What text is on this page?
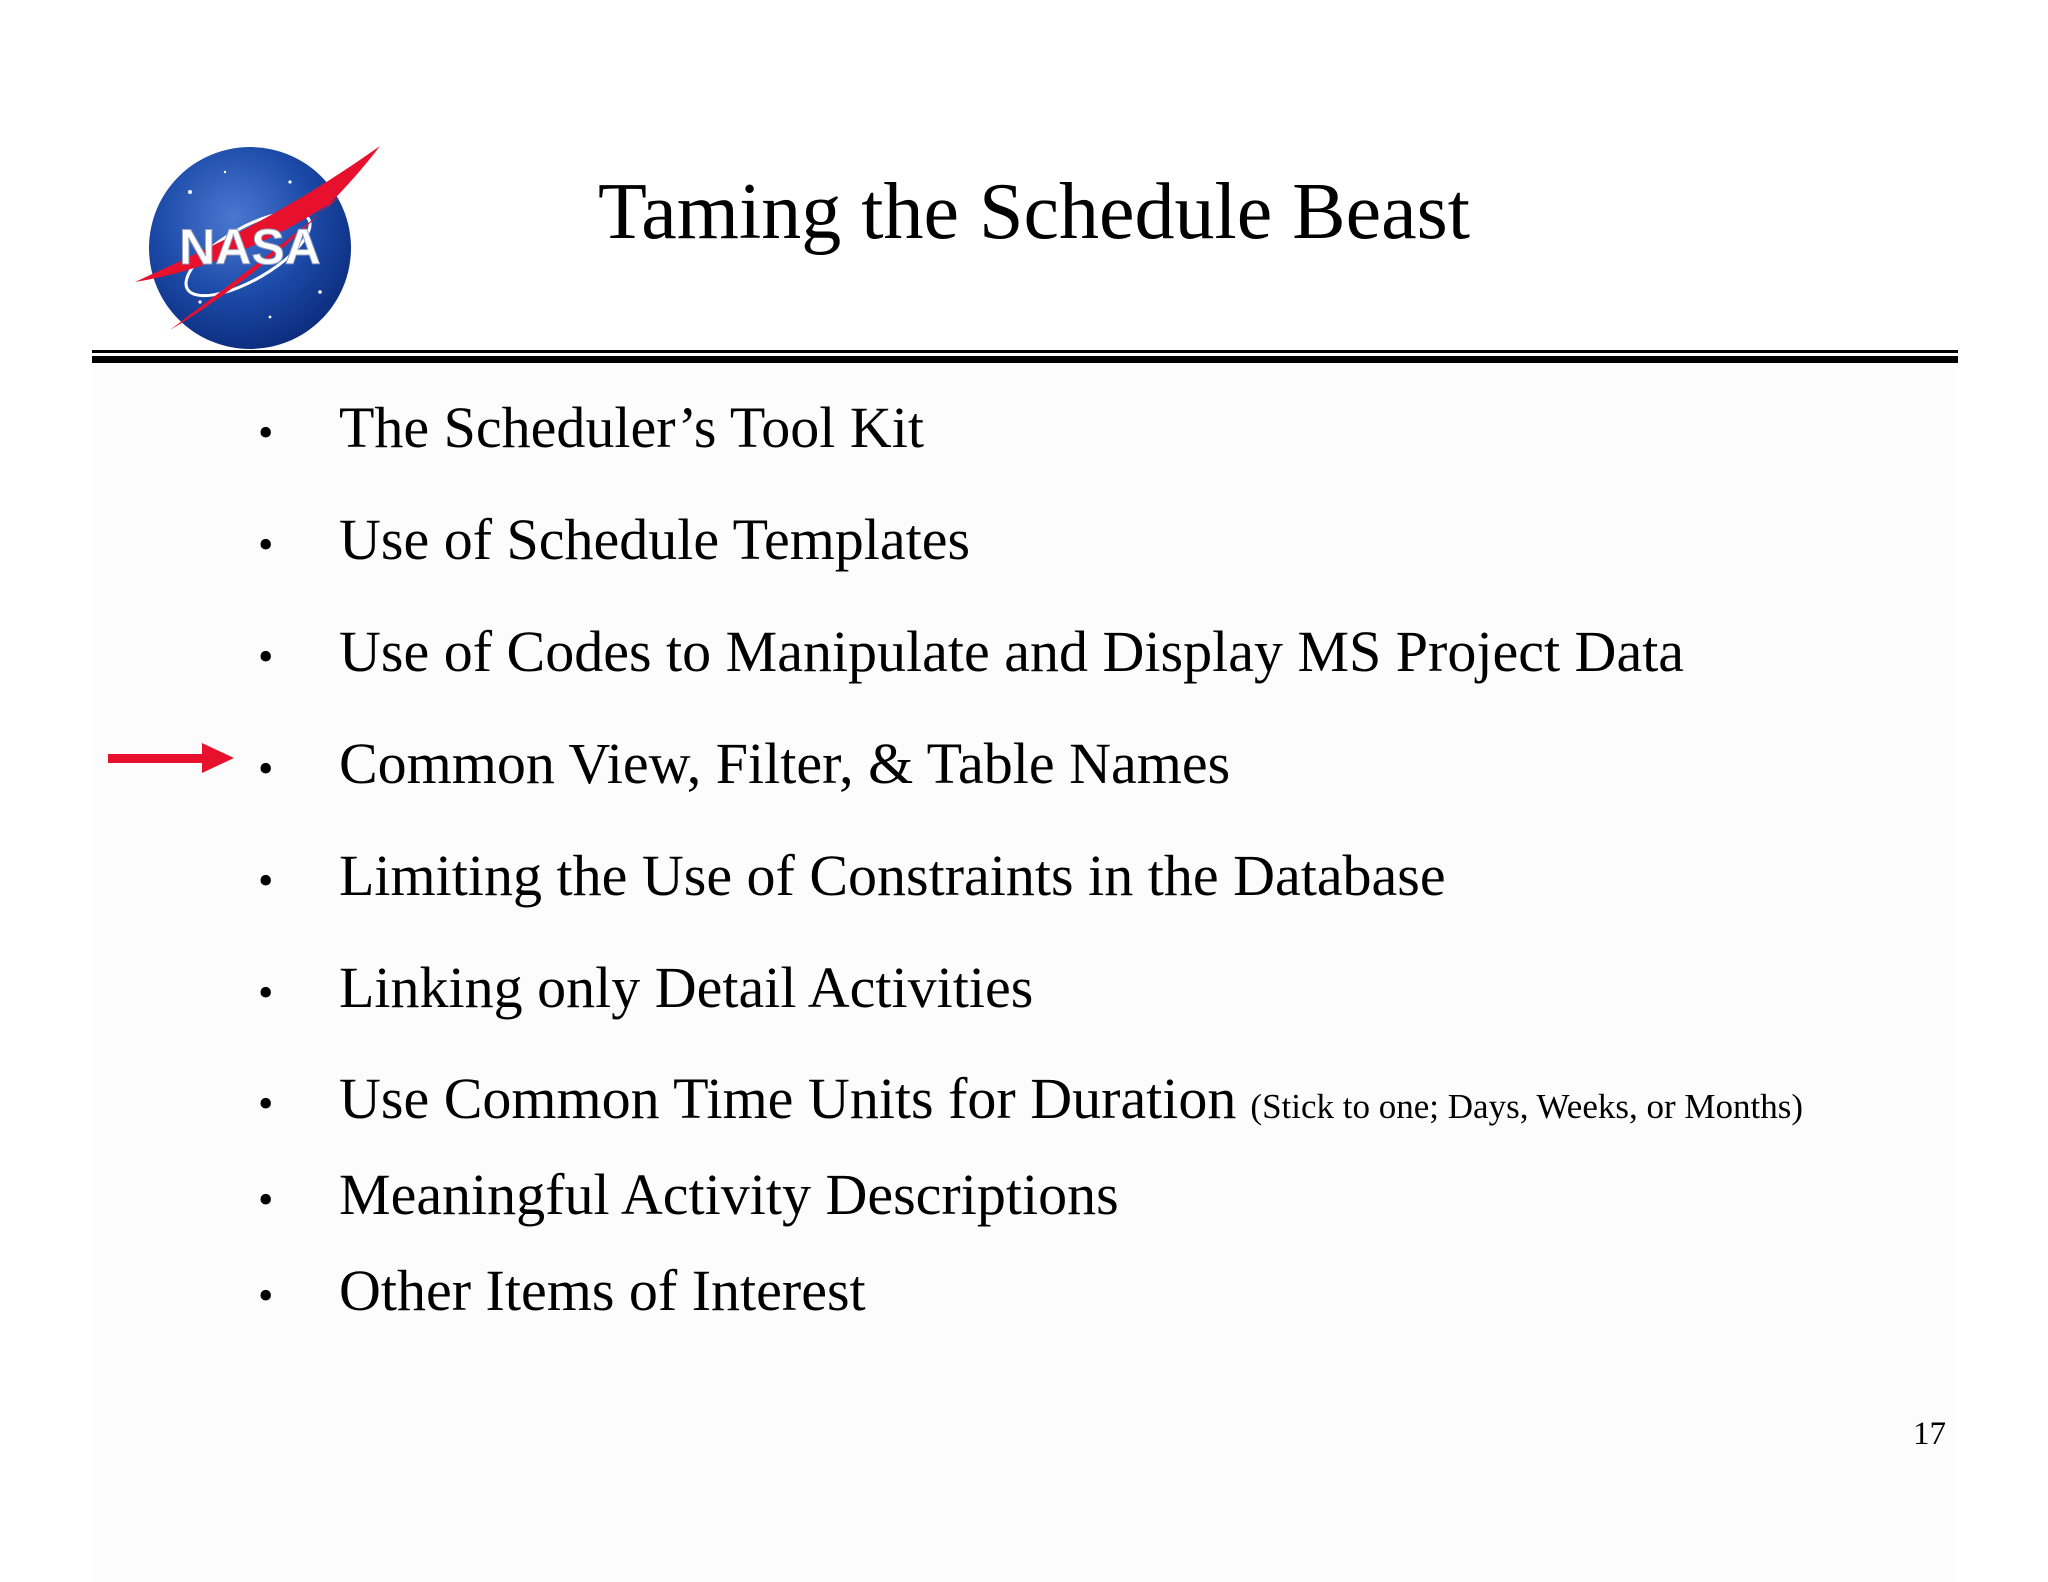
NASA	Taming the Schedule Beast
•	The Scheduler’s Tool Kit
•	Use of Schedule Templates
•	Use of Codes to Manipulate and Display MS Project Data
•	Common View, Filter, & Table Names
•	Limiting the Use of Constraints in the Database
•	Linking only Detail Activities
•	Use Common Time Units for Duration (Stick to one; Days, Weeks, or Months)
•	Meaningful Activity Descriptions
•	Other Items of Interest
17
